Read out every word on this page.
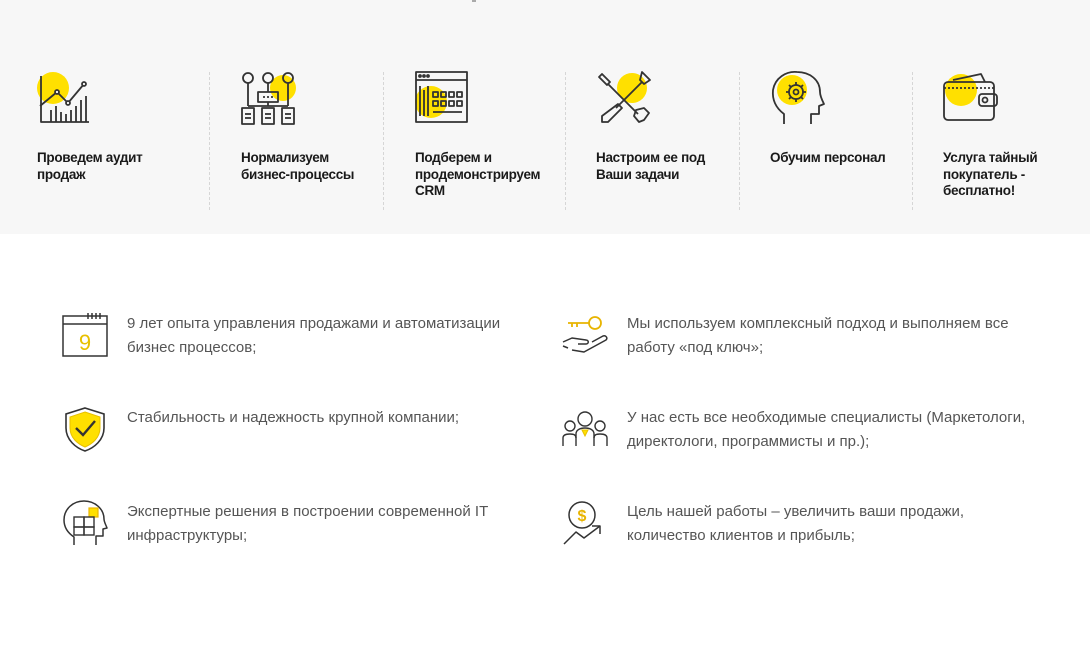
Проведем аудит продаж
Нормализуем бизнес-процессы
Подберем и продемонстрируем CRM
Настроим ее под Ваши задачи
Обучим персонал	Услуга тайный покупатель - бесплатно!
9
9 лет опыта управления продажами и автоматизации бизнес процессов;
Мы используем комплексный подход и выполняем все работу «под ключ»;
Стабильность и надежность крупной компании;	У нас есть все необходимые специалисты (Маркетологи, директологи, программисты и пр.);
Экспертные решения в построении современной IT инфраструктуры;
$	Цель нашей работы – увеличить ваши продажи, количество клиентов и прибыль;
